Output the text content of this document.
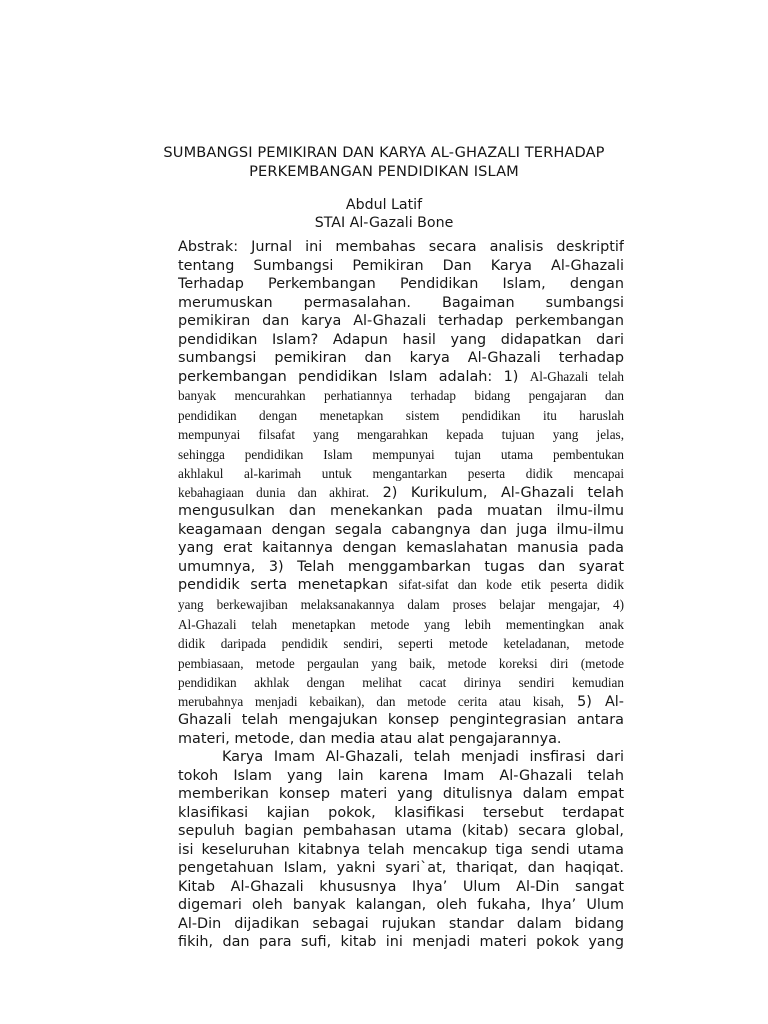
SUMBANGSI PEMIKIRAN DAN KARYA AL-GHAZALI TERHADAP
PERKEMBANGAN PENDIDIKAN ISLAM
Abdul Latif
STAI Al-Gazali Bone
Abstrak: Jurnal ini membahas secara analisis deskriptif
tentang Sumbangsi Pemikiran Dan Karya Al-Ghazali
Terhadap Perkembangan Pendidikan Islam, dengan
merumuskan permasalahan. Bagaiman sumbangsi
pemikiran dan karya Al-Ghazali terhadap perkembangan
pendidikan Islam? Adapun hasil yang didapatkan dari
sumbangsi pemikiran dan karya Al-Ghazali terhadap
perkembangan pendidikan Islam adalah: 1) Al-Ghazali telah
banyak mencurahkan perhatiannya terhadap bidang pengajaran dan
pendidikan dengan menetapkan sistem pendidikan itu haruslah
mempunyai filsafat yang mengarahkan kepada tujuan yang jelas,
sehingga pendidikan Islam mempunyai tujan utama pembentukan
akhlakul al-karimah untuk mengantarkan peserta didik mencapai
kebahagiaan dunia dan akhirat. 2) Kurikulum, Al-Ghazali telah
mengusulkan dan menekankan pada muatan ilmu-ilmu
keagamaan dengan segala cabangnya dan juga ilmu-ilmu
yang erat kaitannya dengan kemaslahatan manusia pada
umumnya, 3) Telah menggambarkan tugas dan syarat
pendidik serta menetapkan sifat-sifat dan kode etik peserta didik
yang berkewajiban melaksanakannya dalam proses belajar mengajar, 4)
Al-Ghazali telah menetapkan metode yang lebih mementingkan anak
didik daripada pendidik sendiri, seperti metode keteladanan, metode
pembiasaan, metode pergaulan yang baik, metode koreksi diri (metode
pendidikan akhlak dengan melihat cacat dirinya sendiri kemudian
merubahnya menjadi kebaikan), dan metode cerita atau kisah, 5) Al-
Ghazali telah mengajukan konsep pengintegrasian antara
materi, metode, dan media atau alat pengajarannya.
Karya Imam Al-Ghazali, telah menjadi insfirasi dari
tokoh Islam yang lain karena Imam Al-Ghazali telah
memberikan konsep materi yang ditulisnya dalam empat
klasifikasi kajian pokok, klasifikasi tersebut terdapat
sepuluh bagian pembahasan utama (kitab) secara global,
isi keseluruhan kitabnya telah mencakup tiga sendi utama
pengetahuan Islam, yakni syari`at, thariqat, dan haqiqat.
Kitab Al-Ghazali khususnya Ihya’ Ulum Al-Din sangat
digemari oleh banyak kalangan, oleh fukaha, Ihya’ Ulum
Al-Din dijadikan sebagai rujukan standar dalam bidang
fikih, dan para sufi, kitab ini menjadi materi pokok yang
